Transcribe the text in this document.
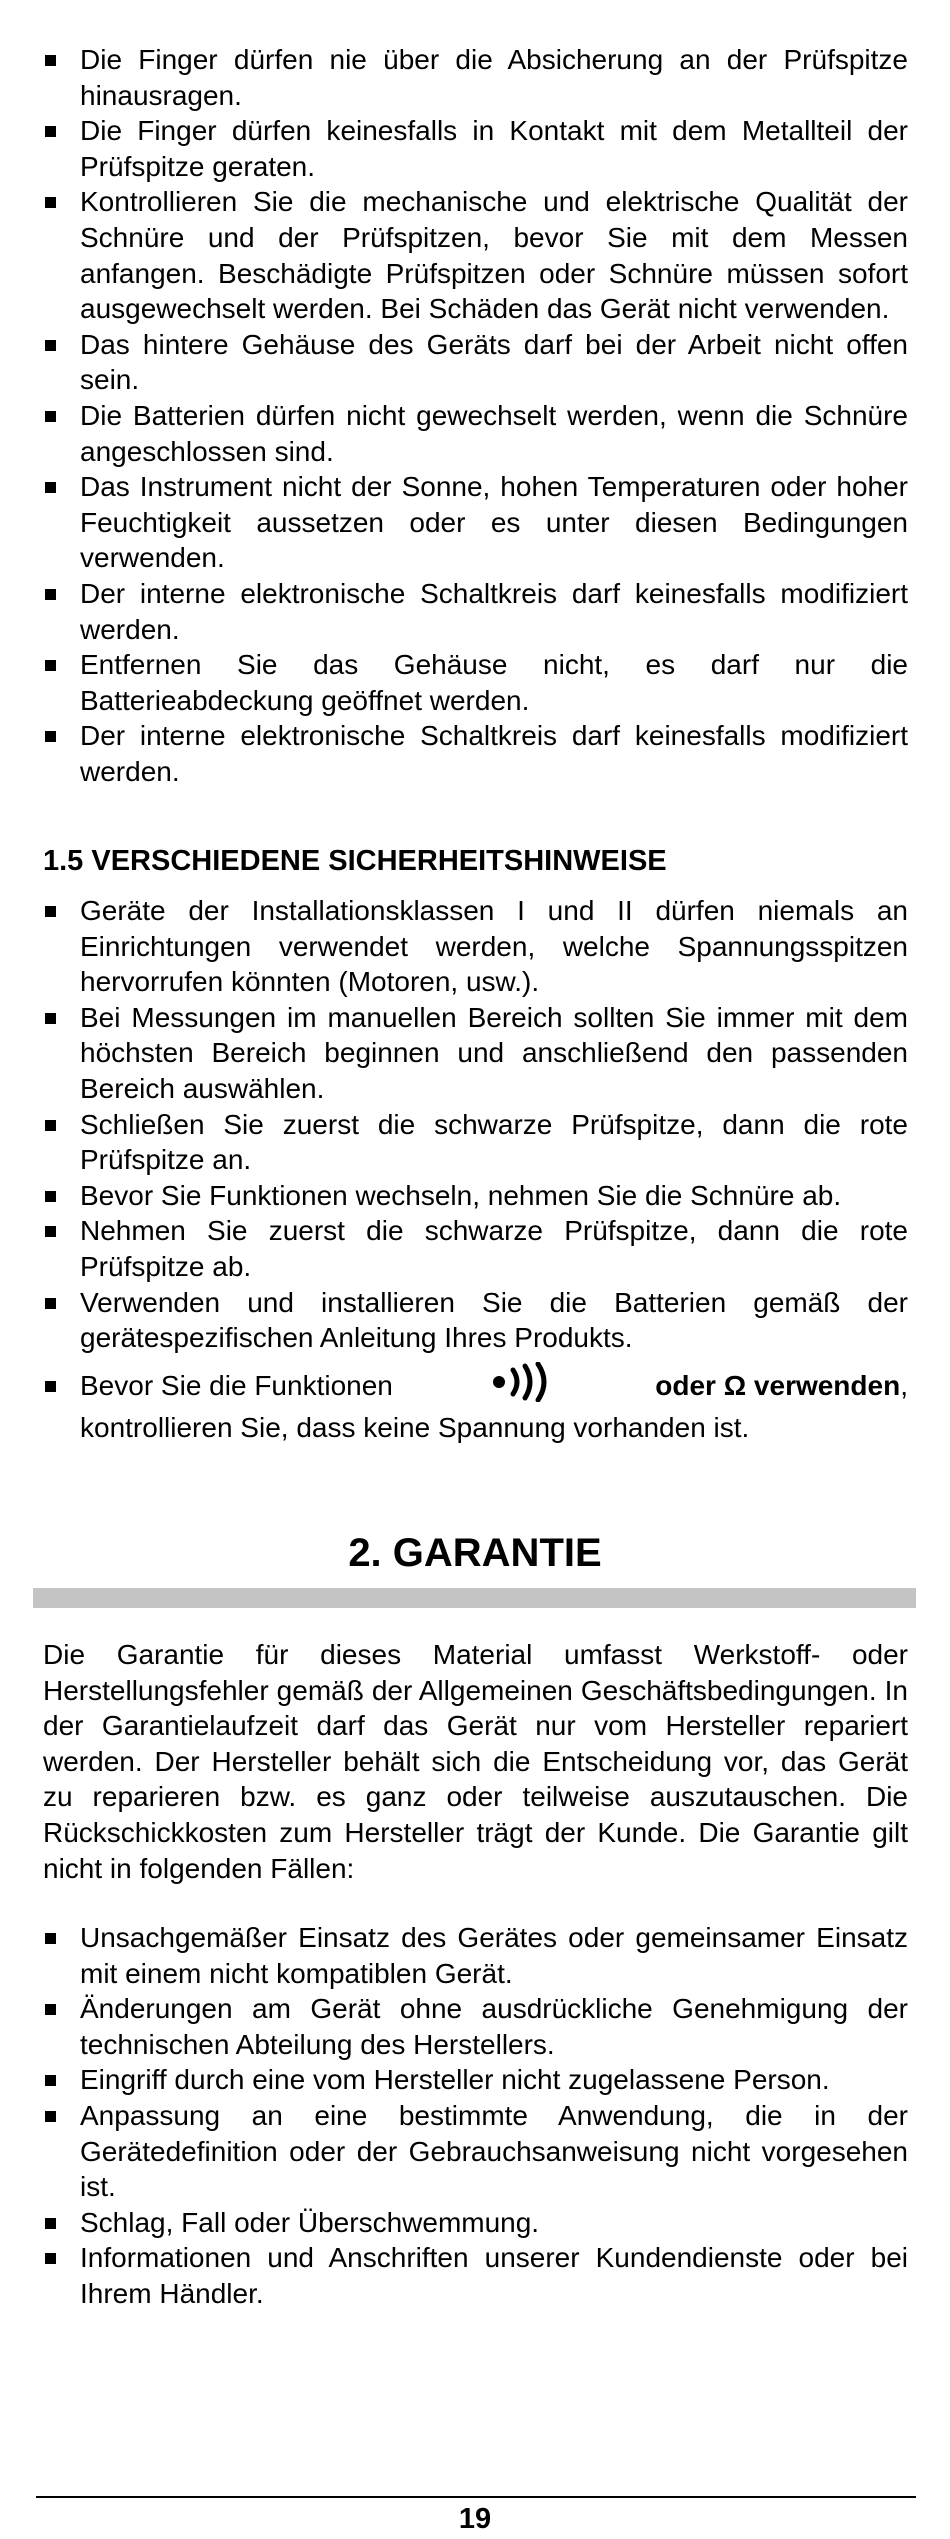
Die Finger dürfen nie über die Absicherung an der Prüfspitze hinausragen.
Die Finger dürfen keinesfalls in Kontakt mit dem Metallteil der Prüfspitze geraten.
Kontrollieren Sie die mechanische und elektrische Qualität der Schnüre und der Prüfspitzen, bevor Sie mit dem Messen anfangen. Beschädigte Prüfspitzen oder Schnüre müssen sofort ausgewechselt werden. Bei Schäden das Gerät nicht verwenden.
Das hintere Gehäuse des Geräts darf bei der Arbeit nicht offen sein.
Die Batterien dürfen nicht gewechselt werden, wenn die Schnüre angeschlossen sind.
Das Instrument nicht der Sonne, hohen Temperaturen oder hoher Feuchtigkeit aussetzen oder es unter diesen Bedingungen verwenden.
Der interne elektronische Schaltkreis darf keinesfalls modifiziert werden.
Entfernen Sie das Gehäuse nicht, es darf nur die Batterieabdeckung geöffnet werden.
Der interne elektronische Schaltkreis darf keinesfalls modifiziert werden.
1.5 VERSCHIEDENE SICHERHEITSHINWEISE
Geräte der Installationsklassen I und II dürfen niemals an Einrichtungen verwendet werden, welche Spannungsspitzen hervorrufen könnten (Motoren, usw.).
Bei Messungen im manuellen Bereich sollten Sie immer mit dem höchsten Bereich beginnen und anschließend den passenden Bereich auswählen.
Schließen Sie zuerst die schwarze Prüfspitze, dann die rote Prüfspitze an.
Bevor Sie Funktionen wechseln, nehmen Sie die Schnüre ab.
Nehmen Sie zuerst die schwarze Prüfspitze, dann die rote Prüfspitze ab.
Verwenden und installieren Sie die Batterien gemäß der gerätespezifischen Anleitung Ihres Produkts.
Bevor Sie die Funktionen	oder Ω verwenden,
kontrollieren Sie, dass keine Spannung vorhanden ist.
2. GARANTIE

Die Garantie für dieses Material umfasst Werkstoff- oder Herstellungsfehler gemäß der Allgemeinen Geschäftsbedingungen. In der Garantielaufzeit darf das Gerät nur vom Hersteller repariert werden. Der Hersteller behält sich die Entscheidung vor, das Gerät zu reparieren bzw. es ganz oder teilweise auszutauschen. Die Rückschickkosten zum Hersteller trägt der Kunde. Die Garantie gilt nicht in folgenden Fällen:

Unsachgemäßer Einsatz des Gerätes oder gemeinsamer Einsatz mit einem nicht kompatiblen Gerät.
Änderungen am Gerät ohne ausdrückliche Genehmigung der technischen Abteilung des Herstellers.
Eingriff durch eine vom Hersteller nicht zugelassene Person.
Anpassung an eine bestimmte Anwendung, die in der Gerätedefinition oder der Gebrauchsanweisung nicht vorgesehen ist.
Schlag, Fall oder Überschwemmung.
Informationen und Anschriften unserer Kundendienste oder bei Ihrem Händler.
19
